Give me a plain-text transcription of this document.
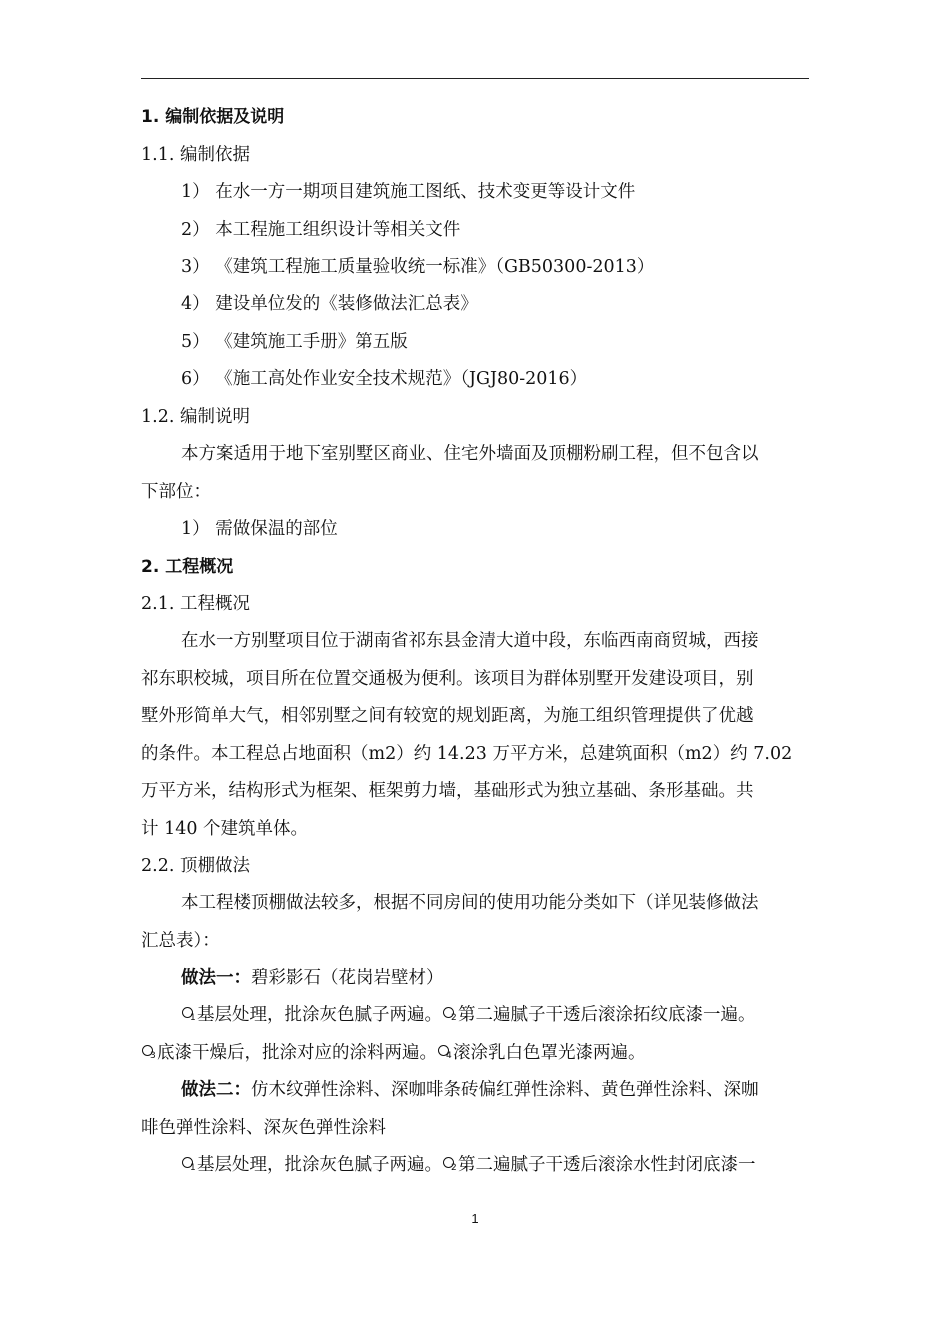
1. 编制依据及说明
1.1. 编制依据
1） 在水一方一期项目建筑施工图纸、技术变更等设计文件
2） 本工程施工组织设计等相关文件
3） 《建筑工程施工质量验收统一标准》（GB50300-2013）
4） 建设单位发的《装修做法汇总表》
5） 《建筑施工手册》第五版
6） 《施工高处作业安全技术规范》（JGJ80-2016）
1.2. 编制说明
本方案适用于地下室别墅区商业、住宅外墙面及顶棚粉刷工程，但不包含以
下部位：
1） 需做保温的部位
2. 工程概况
2.1. 工程概况
在水一方别墅项目位于湖南省祁东县金清大道中段，东临西南商贸城，西接
祁东职校城，项目所在位置交通极为便利。该项目为群体别墅开发建设项目，别
墅外形简单大气，相邻别墅之间有较宽的规划距离，为施工组织管理提供了优越
的条件。本工程总占地面积（m2）约 14.23 万平方米，总建筑面积（m2）约 7.02
万平方米，结构形式为框架、框架剪力墙，基础形式为独立基础、条形基础。共
计 140 个建筑单体。
2.2. 顶棚做法
本工程楼顶棚做法较多，根据不同房间的使用功能分类如下（详见装修做法
汇总表）：
做法一：碧彩影石（花岗岩壁材）
1 基层处理，批涂灰色腻子两遍。 2 第二遍腻子干透后滚涂拓纹底漆一遍。
3 底漆干燥后，批涂对应的涂料两遍。 4 滚涂乳白色罩光漆两遍。
做法二：仿木纹弹性涂料、深咖啡条砖偏红弹性涂料、黄色弹性涂料、深咖
啡色弹性涂料、深灰色弹性涂料
1 基层处理，批涂灰色腻子两遍。 2 第二遍腻子干透后滚涂水性封闭底漆一
1
